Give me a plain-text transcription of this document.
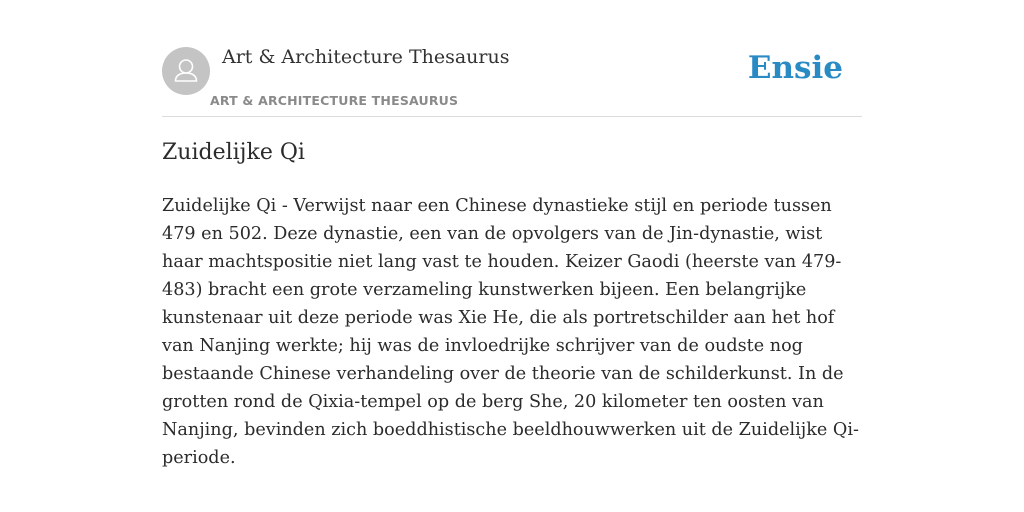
Art & Architecture Thesaurus
ART & ARCHITECTURE THESAURUS
Ensie
Zuidelijke Qi

Zuidelijke Qi - Verwijst naar een Chinese dynastieke stijl en periode tussen 479 en 502. Deze dynastie, een van de opvolgers van de Jin-dynastie, wist haar machtspositie niet lang vast te houden. Keizer Gaodi (heerste van 479-483) bracht een grote verzameling kunstwerken bijeen. Een belangrijke kunstenaar uit deze periode was Xie He, die als portretschilder aan het hof van Nanjing werkte; hij was de invloedrijke schrijver van de oudste nog bestaande Chinese verhandeling over de theorie van de schilderkunst. In de grotten rond de Qixia-tempel op de berg She, 20 kilometer ten oosten van Nanjing, bevinden zich boeddhistische beeldhouwwerken uit de Zuidelijke Qi-periode.
